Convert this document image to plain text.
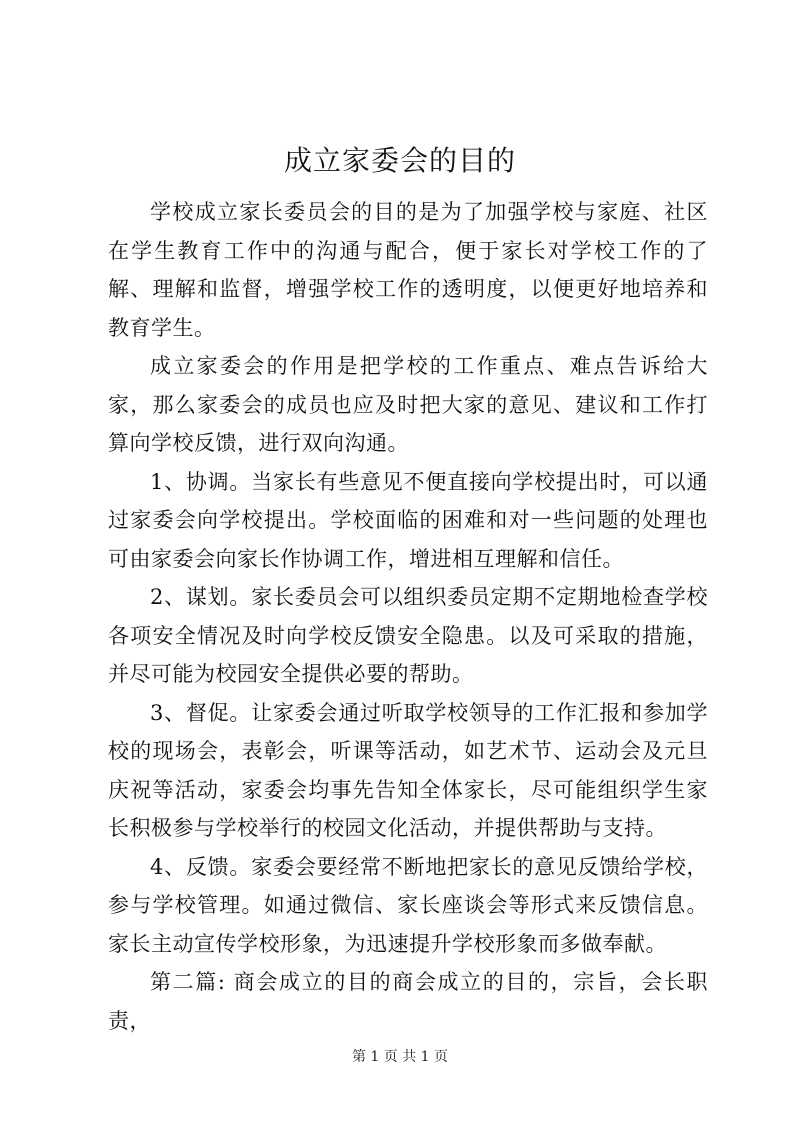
成立家委会的目的

学校成立家长委员会的目的是为了加强学校与家庭、社区在学生教育工作中的沟通与配合，便于家长对学校工作的了解、理解和监督，增强学校工作的透明度，以便更好地培养和教育学生。

成立家委会的作用是把学校的工作重点、难点告诉给大家，那么家委会的成员也应及时把大家的意见、建议和工作打算向学校反馈，进行双向沟通。

1、协调。当家长有些意见不便直接向学校提出时，可以通过家委会向学校提出。学校面临的困难和对一些问题的处理也可由家委会向家长作协调工作，增进相互理解和信任。

2、谋划。家长委员会可以组织委员定期不定期地检查学校各项安全情况及时向学校反馈安全隐患。以及可采取的措施，并尽可能为校园安全提供必要的帮助。

3、督促。让家委会通过听取学校领导的工作汇报和参加学校的现场会，表彰会，听课等活动，如艺术节、运动会及元旦庆祝等活动，家委会均事先告知全体家长，尽可能组织学生家长积极参与学校举行的校园文化活动，并提供帮助与支持。

4、反馈。家委会要经常不断地把家长的意见反馈给学校，参与学校管理。如通过微信、家长座谈会等形式来反馈信息。家长主动宣传学校形象，为迅速提升学校形象而多做奉献。

第二篇: 商会成立的目的商会成立的目的，宗旨，会长职责，

第 1 页 共 1 页
